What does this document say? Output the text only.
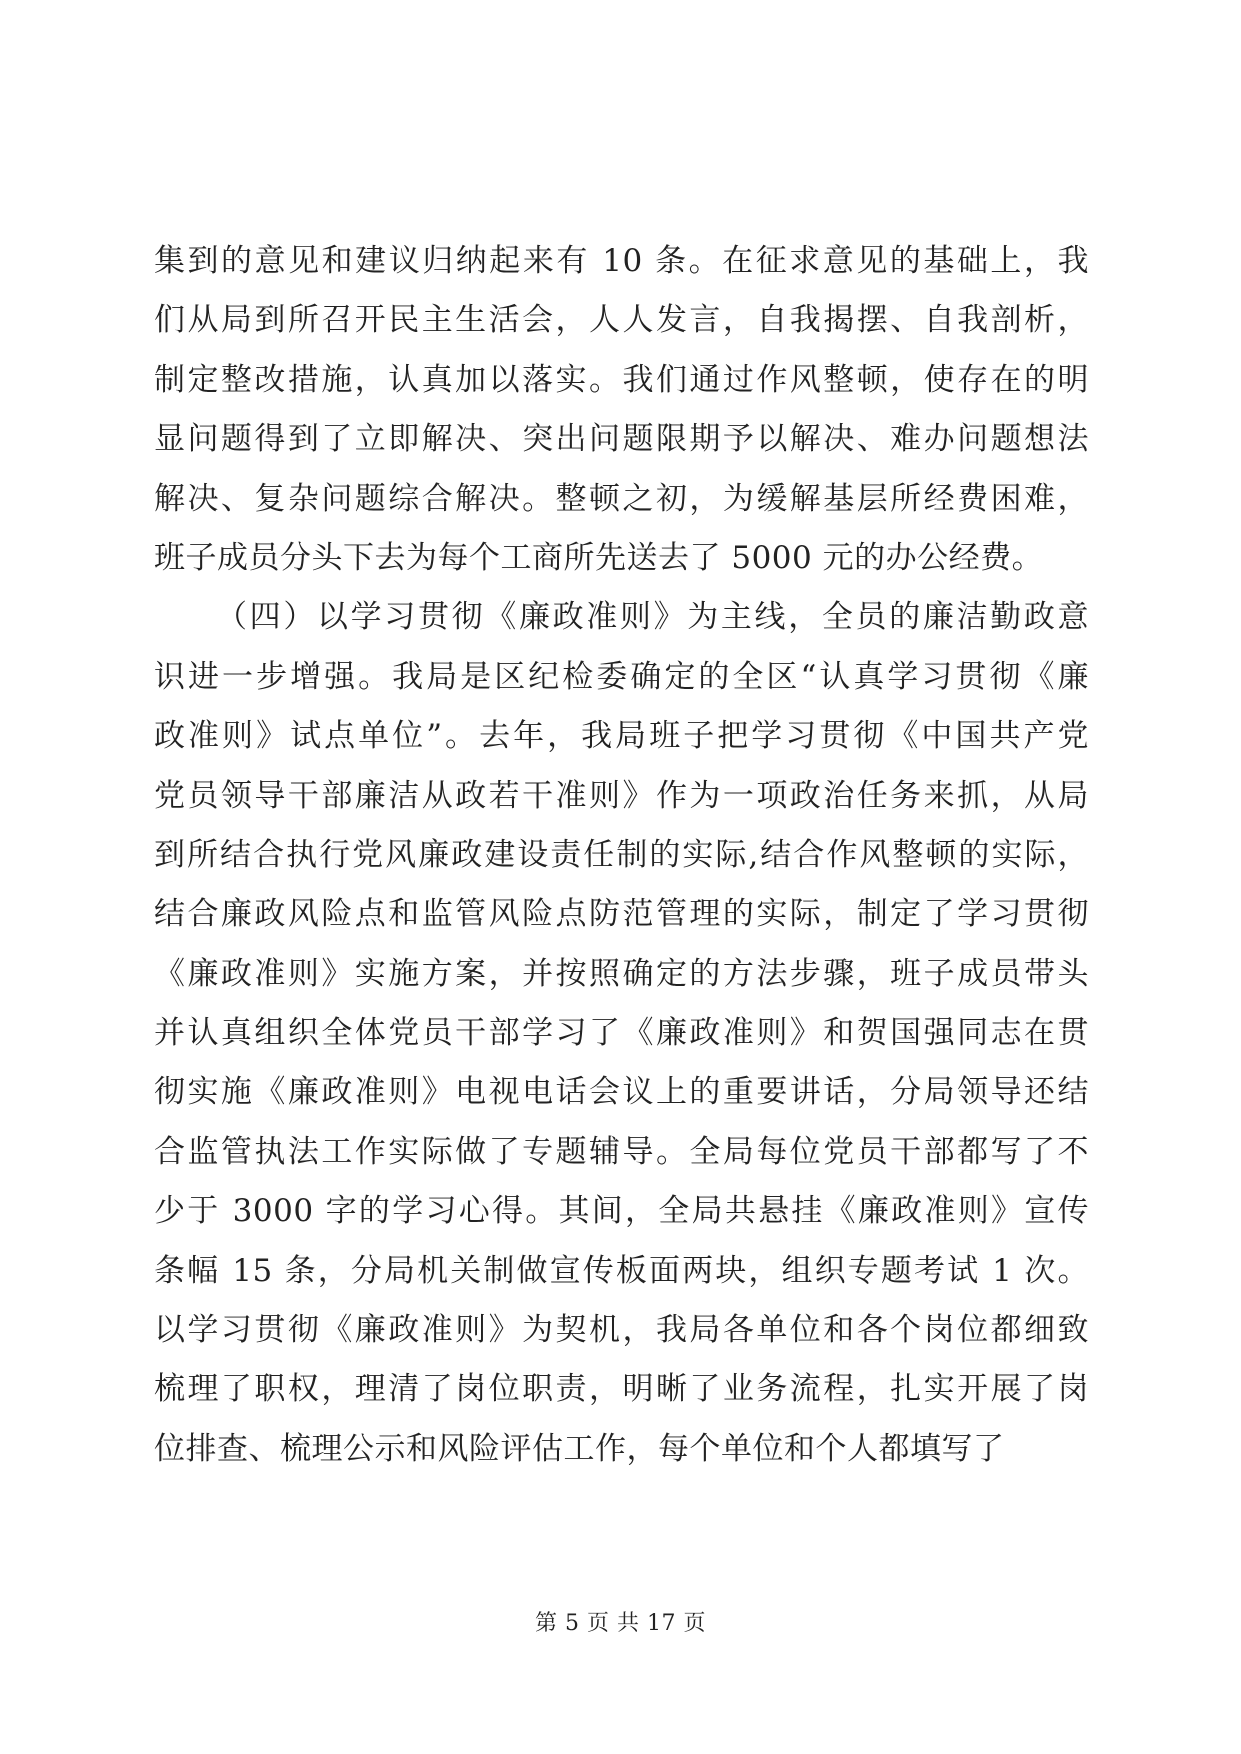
集到的意见和建议归纳起来有 10 条。在征求意见的基础上，我
们从局到所召开民主生活会，人人发言，自我揭摆、自我剖析，
制定整改措施，认真加以落实。我们通过作风整顿，使存在的明
显问题得到了立即解决、突出问题限期予以解决、难办问题想法
解决、复杂问题综合解决。整顿之初，为缓解基层所经费困难，
班子成员分头下去为每个工商所先送去了 5000 元的办公经费。
（四）以学习贯彻《廉政准则》为主线，全员的廉洁勤政意
识进一步增强。我局是区纪检委确定的全区“认真学习贯彻《廉
政准则》试点单位”。去年，我局班子把学习贯彻《中国共产党
党员领导干部廉洁从政若干准则》作为一项政治任务来抓，从局
到所结合执行党风廉政建设责任制的实际,结合作风整顿的实际，
结合廉政风险点和监管风险点防范管理的实际，制定了学习贯彻
《廉政准则》实施方案，并按照确定的方法步骤，班子成员带头
并认真组织全体党员干部学习了《廉政准则》和贺国强同志在贯
彻实施《廉政准则》电视电话会议上的重要讲话，分局领导还结
合监管执法工作实际做了专题辅导。全局每位党员干部都写了不
少于 3000 字的学习心得。其间，全局共悬挂《廉政准则》宣传
条幅 15 条，分局机关制做宣传板面两块，组织专题考试 1 次。
以学习贯彻《廉政准则》为契机，我局各单位和各个岗位都细致
梳理了职权，理清了岗位职责，明晰了业务流程，扎实开展了岗
位排查、梳理公示和风险评估工作，每个单位和个人都填写了
第 5 页 共 17 页
